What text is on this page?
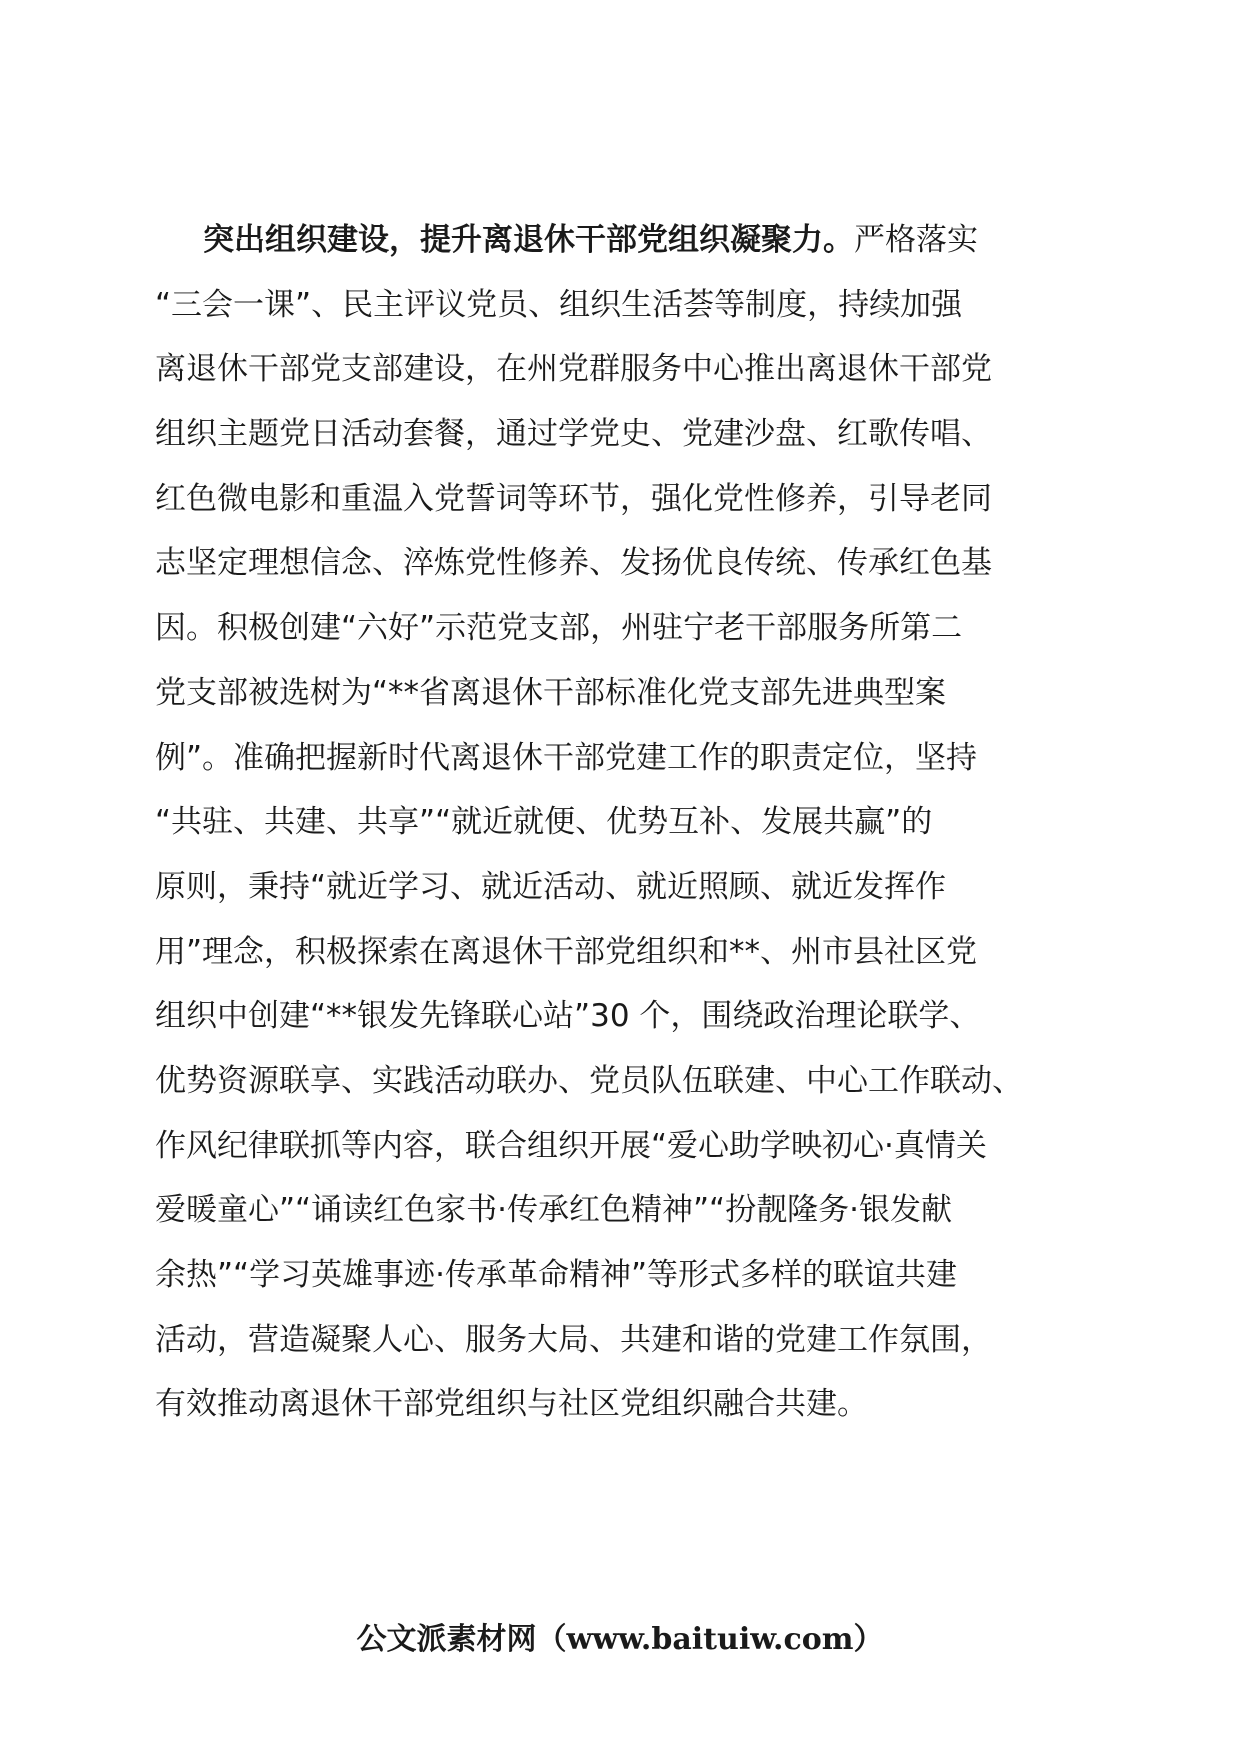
突出组织建设，提升离退休干部党组织凝聚力。严格落实
“三会一课”、民主评议党员、组织生活荟等制度，持续加强
离退休干部党支部建设，在州党群服务中心推出离退休干部党
组织主题党日活动套餐，通过学党史、党建沙盘、红歌传唱、
红色微电影和重温入党誓词等环节，强化党性修养，引导老同
志坚定理想信念、淬炼党性修养、发扬优良传统、传承红色基
因。积极创建“六好”示范党支部，州驻宁老干部服务所第二
党支部被选树为“**省离退休干部标准化党支部先进典型案
例”。准确把握新时代离退休干部党建工作的职责定位，坚持
“共驻、共建、共享”“就近就便、优势互补、发展共赢”的
原则，秉持“就近学习、就近活动、就近照顾、就近发挥作
用”理念，积极探索在离退休干部党组织和**、州市县社区党
组织中创建“**银发先锋联心站”30 个，围绕政治理论联学、
优势资源联享、实践活动联办、党员队伍联建、中心工作联动、
作风纪律联抓等内容，联合组织开展“爱心助学映初心·真情关
爱暖童心”“诵读红色家书·传承红色精神”“扮靓隆务·银发献
余热”“学习英雄事迹·传承革命精神”等形式多样的联谊共建
活动，营造凝聚人心、服务大局、共建和谐的党建工作氛围，
有效推动离退休干部党组织与社区党组织融合共建。
公文派素材网（www.baituiw.com）
